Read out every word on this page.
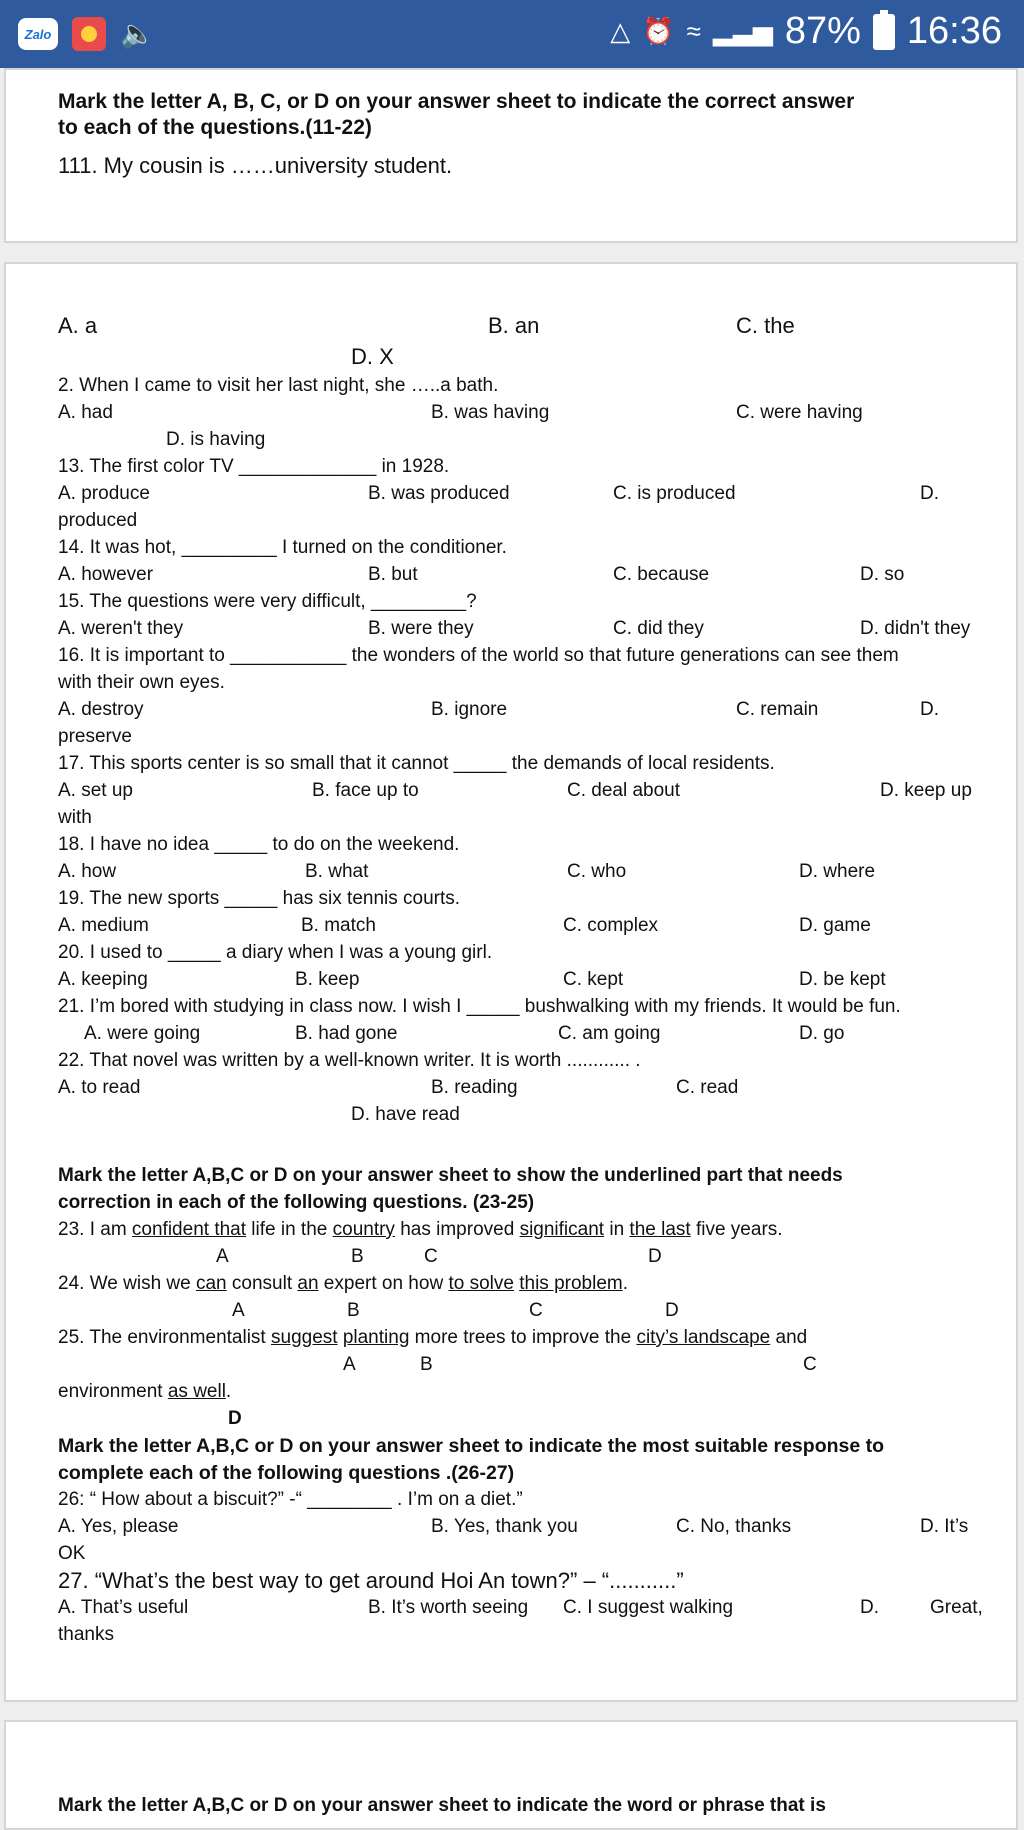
Zalo 🔈	△ ⏰ ≈ ▂▃▅ 87% 16:36
Mark the letter A, B, C, or D on your answer sheet to indicate the correct answer
to each of the questions.(11-22)
111. My cousin is ……university student.
A. a	B. an	C. the
D. X
2. When I came to visit her last night, she …..a bath.
A. had	B. was having	C. were having
D. is having
13. The first color TV _____________ in 1928.
A. produce	B. was produced	C. is produced	D.
produced
14. It was hot, _________ I turned on the conditioner.
A. however	B. but	C. because	D. so
15. The questions were very difficult, _________?
A. weren't they	B. were they	C. did they	D. didn't they
16. It is important to ___________ the wonders of the world so that future generations can see them
with their own eyes.
A. destroy	B. ignore	C. remain	D.
preserve
17. This sports center is so small that it cannot _____ the demands of local residents.
A. set up	B. face up to	C. deal about	D. keep up
with
18. I have no idea _____ to do on the weekend.
A. how	B. what	C. who	D. where
19. The new sports _____ has six tennis courts.
A. medium	B. match	C. complex	D. game
20. I used to _____ a diary when I was a young girl.
A. keeping	B. keep	C. kept	D. be kept
21. I’m bored with studying in class now. I wish I _____ bushwalking with my friends. It would be fun.
A. were going	B. had gone	C. am going	D. go
22. That novel was written by a well-known writer. It is worth ............ .
A. to read	B. reading	C. read
D. have read
Mark the letter A,B,C or D on your answer sheet to show the underlined part that needs
correction in each of the following questions. (23-25)
23. I am confident that life in the country has improved significant in the last five years.
A	B	C	D
24. We wish we can consult an expert on how to solve this problem.
A	B	C	D
25. The environmentalist suggest planting more trees to improve the city’s landscape and
A	B	C
environment as well.
D
Mark the letter A,B,C or D on your answer sheet to indicate the most suitable response to
complete each of the following questions .(26-27)
26: “ How about a biscuit?” -“ ________ . I’m on a diet.”
A. Yes, please	B. Yes, thank you	C. No, thanks	D. It’s
OK
27. “What’s the best way to get around Hoi An town?” – “...........”
A. That’s useful	B. It’s worth seeing C. I suggest walking	D.	Great,
thanks
Mark the letter A,B,C or D on your answer sheet to indicate the word or phrase that is
